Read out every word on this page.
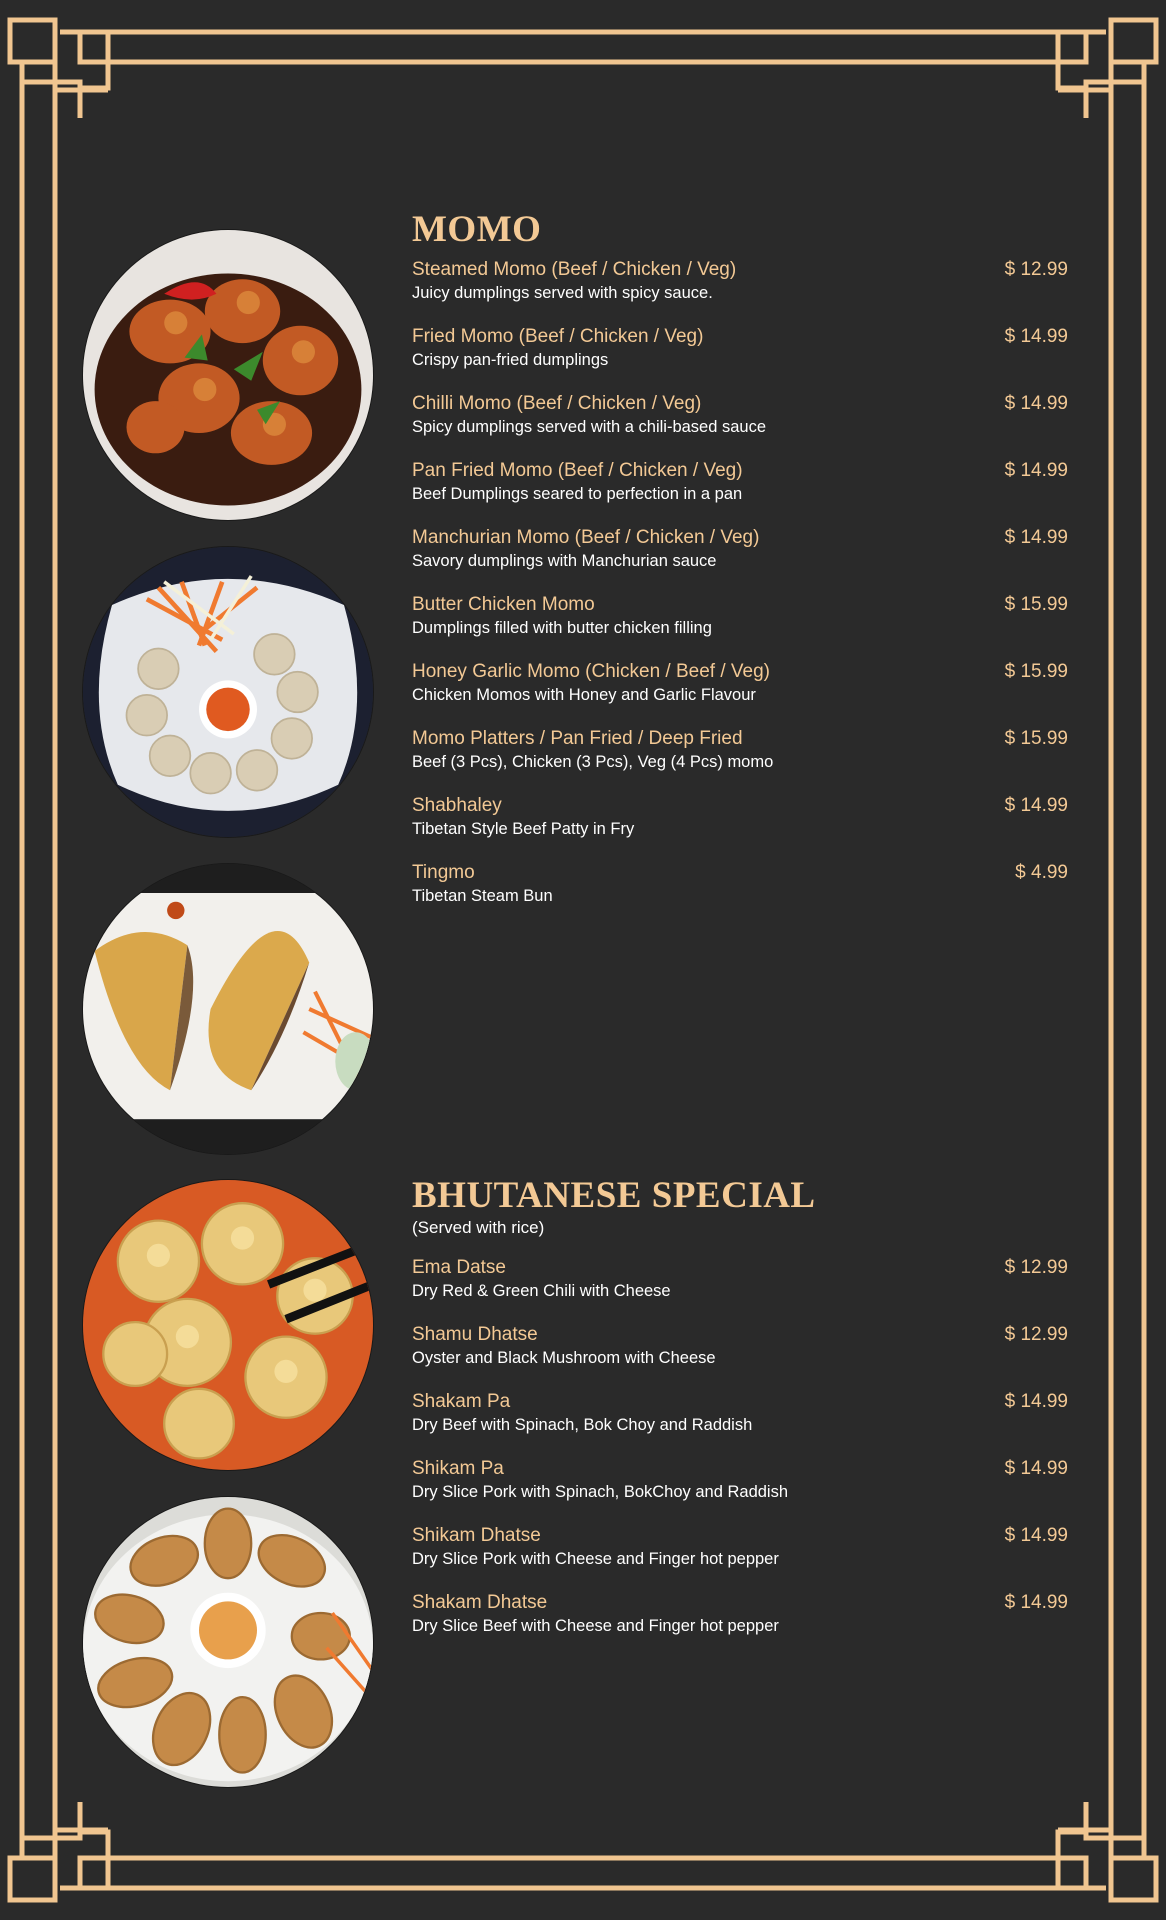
MOMO
Steamed Momo (Beef / Chicken / Veg)
Juicy dumplings served with spicy sauce.
$ 12.99
Fried Momo (Beef / Chicken / Veg)
Crispy pan-fried dumplings
$ 14.99
Chilli Momo (Beef / Chicken / Veg)
Spicy dumplings served with a chili-based sauce
$ 14.99
Pan Fried Momo (Beef / Chicken / Veg)
Beef Dumplings seared to perfection in a pan
$ 14.99
Manchurian Momo (Beef / Chicken / Veg)
Savory dumplings with Manchurian sauce
$ 14.99
Butter Chicken Momo
Dumplings filled with butter chicken filling
$ 15.99
Honey Garlic Momo (Chicken / Beef / Veg)
Chicken Momos with Honey and Garlic Flavour
$ 15.99
Momo Platters / Pan Fried / Deep Fried
Beef (3 Pcs), Chicken (3 Pcs), Veg (4 Pcs) momo
$ 15.99
Shabhaley
Tibetan Style Beef Patty in Fry
$ 14.99
Tingmo
Tibetan Steam Bun
$ 4.99
BHUTANESE SPECIAL
(Served with rice)
Ema Datse
Dry Red & Green Chili with Cheese
$ 12.99
Shamu Dhatse
Oyster and Black Mushroom with Cheese
$ 12.99
Shakam Pa
Dry Beef with Spinach, Bok Choy and Raddish
$ 14.99
Shikam Pa
Dry Slice Pork with Spinach, BokChoy and Raddish
$ 14.99
Shikam Dhatse
Dry Slice Pork with Cheese and Finger hot pepper
$ 14.99
Shakam Dhatse
Dry Slice Beef with Cheese and Finger hot pepper
$ 14.99
